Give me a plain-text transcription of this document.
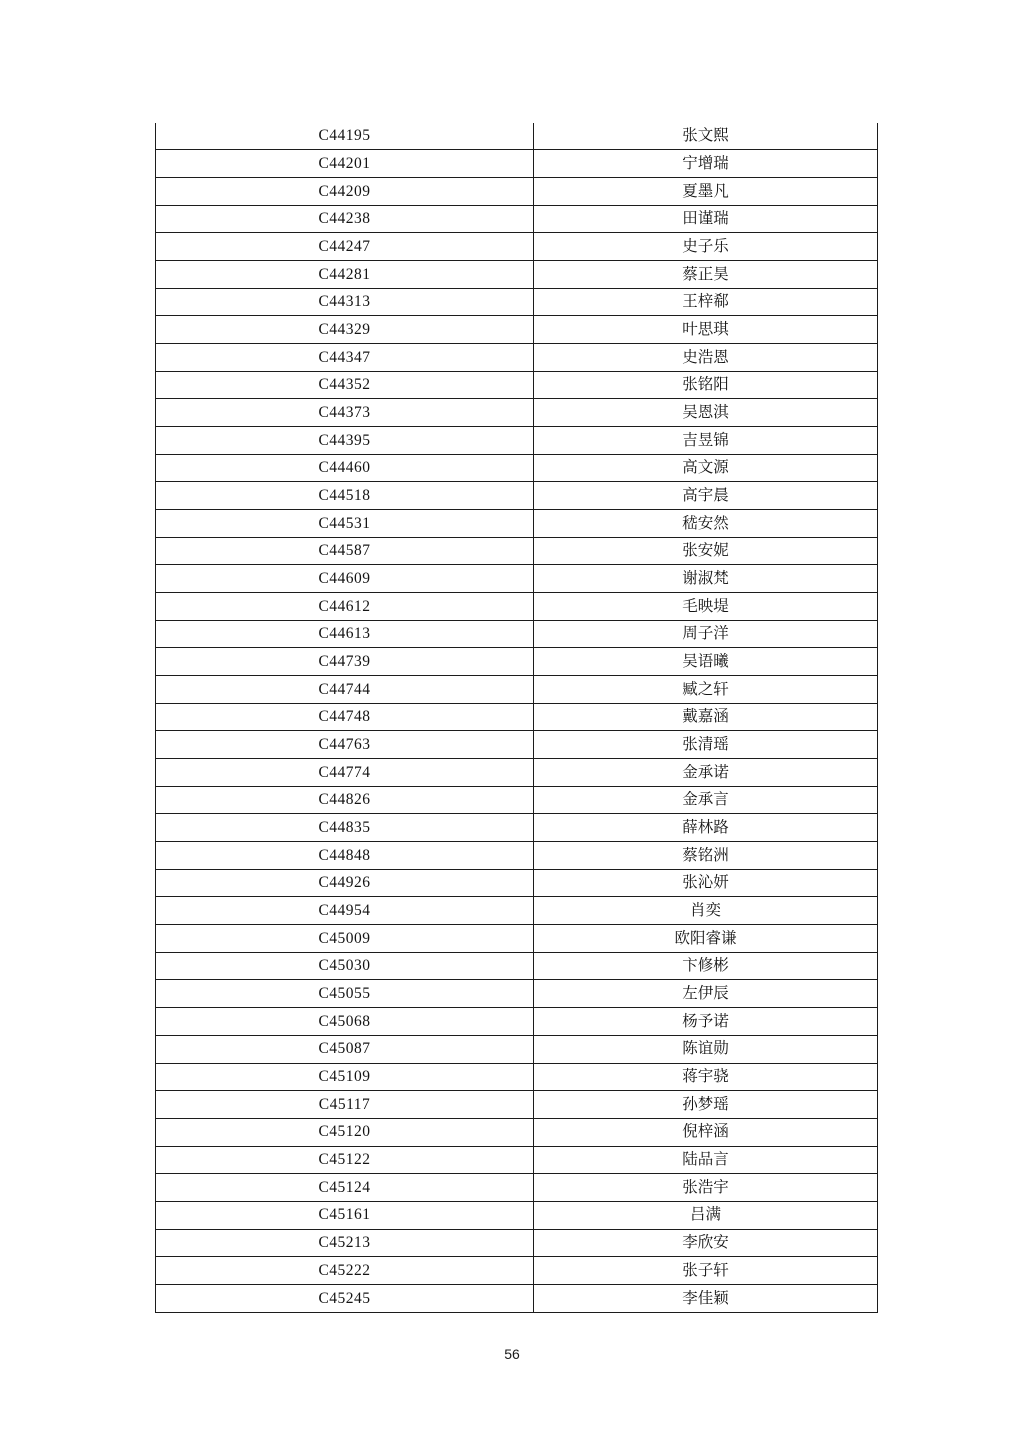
C44195	张文熙
C44201	宁增瑞
C44209	夏墨凡
C44238	田谨瑞
C44247	史子乐
C44281	蔡正昊
C44313	王梓郗
C44329	叶思琪
C44347	史浩恩
C44352	张铭阳
C44373	吴恩淇
C44395	吉昱锦
C44460	高文源
C44518	高宇晨
C44531	嵇安然
C44587	张安妮
C44609	谢淑梵
C44612	毛映堤
C44613	周子洋
C44739	吴语曦
C44744	臧之轩
C44748	戴嘉涵
C44763	张清瑶
C44774	金承诺
C44826	金承言
C44835	薛林路
C44848	蔡铭洲
C44926	张沁妍
C44954	肖奕
C45009	欧阳睿谦
C45030	卞修彬
C45055	左伊辰
C45068	杨予诺
C45087	陈谊勋
C45109	蒋宇骁
C45117	孙梦瑶
C45120	倪梓涵
C45122	陆品言
C45124	张浩宇
C45161	吕满
C45213	李欣安
C45222	张子轩
C45245	李佳颖
56
